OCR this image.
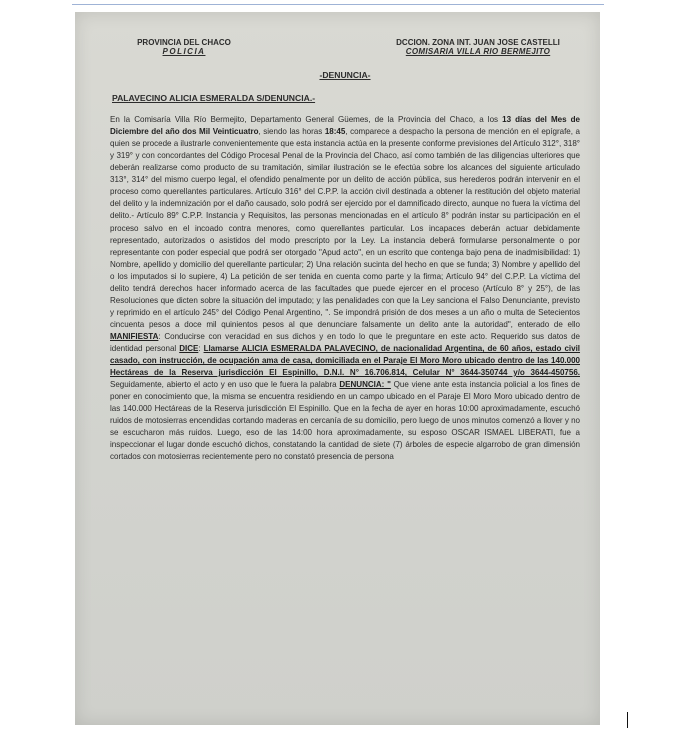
PROVINCIA DEL CHACO
POLICIA
DCCION. ZONA INT. JUAN JOSE CASTELLI
COMISARIA VILLA RIO BERMEJITO
-DENUNCIA-
PALAVECINO ALICIA ESMERALDA S/DENUNCIA.-
En la Comisaría Villa Río Bermejito, Departamento General Güemes, de la Provincia del Chaco, a los 13 días del Mes de Diciembre del año dos Mil Veinticuatro, siendo las horas 18:45, comparece a despacho la persona de mención en el epígrafe, a quien se procede a ilustrarle convenientemente que esta instancia actúa en la presente conforme previsiones del Artículo 312°, 318° y 319° y con concordantes del Código Procesal Penal de la Provincia del Chaco, así como también de las diligencias ulteriores que deberán realizarse como producto de su tramitación, similar ilustración se le efectúa sobre los alcances del siguiente articulado 313°, 314° del mismo cuerpo legal, el ofendido penalmente por un delito de acción pública, sus herederos podrán intervenir en el proceso como querellantes particulares. Artículo 316° del C.P.P. la acción civil destinada a obtener la restitución del objeto material del delito y la indemnización por el daño causado, solo podrá ser ejercido por el damnificado directo, aunque no fuera la víctima del delito.- Artículo 89° C.P.P. Instancia y Requisitos, las personas mencionadas en el artículo 8° podrán instar su participación en el proceso salvo en el incoado contra menores, como querellantes particular. Los incapaces deberán actuar debidamente representado, autorizados o asistidos del modo prescripto por la Ley. La instancia deberá formularse personalmente o por representante con poder especial que podrá ser otorgado "Apud acto", en un escrito que contenga bajo pena de inadmisibilidad: 1) Nombre, apellido y domicilio del querellante particular; 2) Una relación sucinta del hecho en que se funda; 3) Nombre y apellido del o los imputados si lo supiere, 4) La petición de ser tenida en cuenta como parte y la firma; Artículo 94° del C.P.P. La víctima del delito tendrá derechos hacer informado acerca de las facultades que puede ejercer en el proceso (Artículo 8° y 25°), de las Resoluciones que dicten sobre la situación del imputado; y las penalidades con que la Ley sanciona el Falso Denunciante, previsto y reprimido en el artículo 245° del Código Penal Argentino, ". Se impondrá prisión de dos meses a un año o multa de Setecientos cincuenta pesos a doce mil quinientos pesos al que denunciare falsamente un delito ante la autoridad", enterado de ello MANIFIESTA: Conducirse con veracidad en sus dichos y en todo lo que le preguntare en este acto. Requerido sus datos de identidad personal DICE: Llamarse ALICIA ESMERALDA PALAVECINO, de nacionalidad Argentina, de 60 años, estado civil casado, con instrucción, de ocupación ama de casa, domiciliada en el Paraje El Moro Moro ubicado dentro de las 140.000 Hectáreas de la Reserva jurisdicción El Espinillo, D.N.I. N° 16.706.814, Celular N° 3644-350744 y/o 3644-450756. Seguidamente, abierto el acto y en uso que le fuera la palabra DENUNCIA: " Que viene ante esta instancia policial a los fines de poner en conocimiento que, la misma se encuentra residiendo en un campo ubicado en el Paraje El Moro Moro ubicado dentro de las 140.000 Hectáreas de la Reserva jurisdicción El Espinillo. Que en la fecha de ayer en horas 10:00 aproximadamente, escuchó ruidos de motosierras encendidas cortando maderas en cercanía de su domicilio, pero luego de unos minutos comenzó a llover y no se escucharon más ruidos. Luego, eso de las 14:00 hora aproximadamente, su esposo OSCAR ISMAEL LIBERATI, fue a inspeccionar el lugar donde escuchó dichos, constatando la cantidad de siete (7) árboles de especie algarrobo de gran dimensión cortados con motosierras recientemente pero no constató presencia de persona
